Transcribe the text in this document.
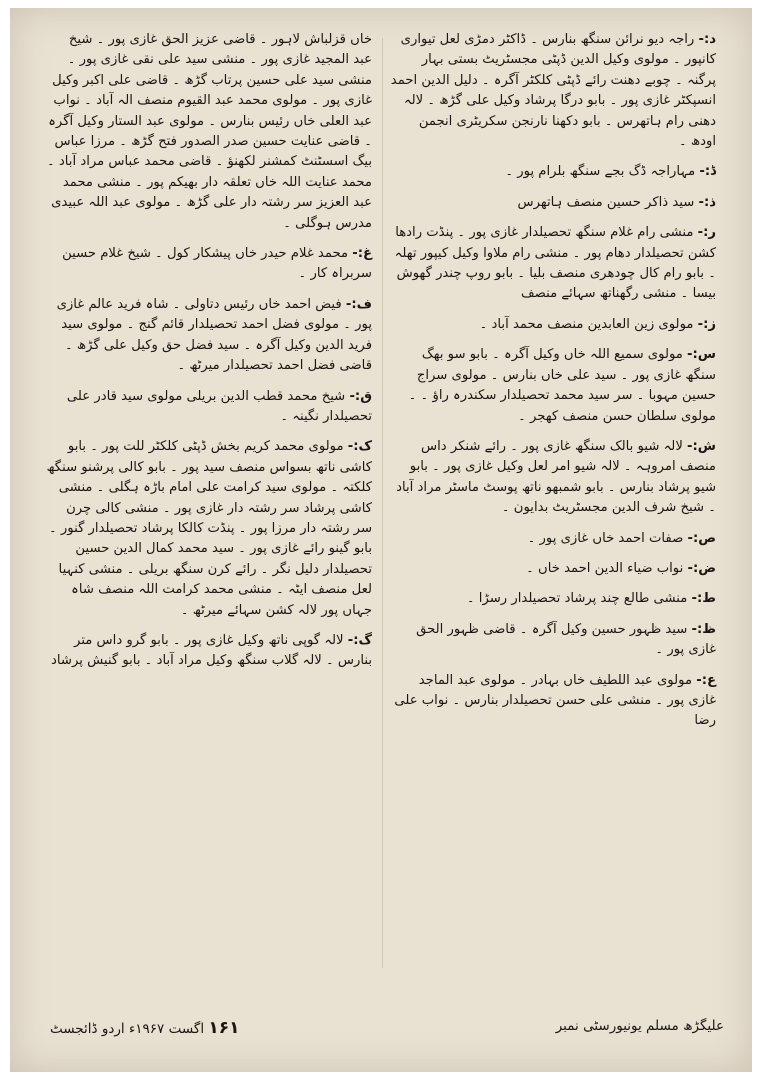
د:- راجہ دیو نرائن سنگھ بنارس ۔ ڈاکٹر دمڑی لعل تیواری کانپور ۔ مولوی وکیل الدین ڈپٹی مجسٹریٹ بستی بہار پرگنہ ۔ چوبے دھنت رائے ڈپٹی کلکٹر آگرہ ۔ دلیل الدین احمد انسپکٹر غازی پور ۔ بابو درگا پرشاد وکیل علی گڑھ ۔ لالہ دھنی رام ہاتھرس ۔ بابو دکھنا نارنجن سکریٹری انجمن اودھ ۔

ڈ:- مہاراجہ ڈگ بجے سنگھ بلرام پور ۔

ذ:- سید ذاکر حسین منصف ہاتھرس

ر:- منشی رام غلام سنگھ تحصیلدار غازی پور ۔ پنڈت رادھا کشن تحصیلدار دھام پور ۔ منشی رام ملاوا وکیل کیپور تھلہ ۔ بابو رام کال چودھری منصف بلیا ۔ بابو روپ چندر گھوش بیسا ۔ منشی رگھناتھ سہائے منصف

ز:- مولوی زین العابدین منصف محمد آباد ۔

س:- مولوی سمیع اللہ خاں وکیل آگرہ ۔ بابو سو بھگ سنگھ غازی پور ۔ سید علی خاں بنارس ۔ مولوی سراج حسین مہوبا ۔ سر سید محمد تحصیلدار سکندرہ راؤ ۔ ۔ مولوی سلطان حسن منصف کھجر ۔

ش:- لالہ شیو بالک سنگھ غازی پور ۔ رائے شنکر داس منصف امروہہ ۔ لالہ شیو امر لعل وکیل غازی پور ۔ بابو شیو پرشاد بنارس ۔ بابو شمبھو ناتھ پوسٹ ماسٹر مراد آباد ۔ شیخ شرف الدین مجسٹریٹ بدایون ۔

ص:- صفات احمد خاں غازی پور ۔

ض:- نواب ضیاء الدین احمد خاں ۔

ط:- منشی طالع چند پرشاد تحصیلدار رسڑا ۔

ظ:- سید ظہور حسین وکیل آگرہ ۔ قاضی ظہور الحق غازی پور ۔

ع:- مولوی عبد اللطیف خاں بہادر ۔ مولوی عبد الماجد غازی پور ۔ منشی علی حسن تحصیلدار بنارس ۔ نواب علی رضا

خاں قزلباش لاہور ۔ قاضی عزیز الحق غازی پور ۔ شیخ عبد المجید غازی پور ۔ منشی سید علی نقی غازی پور ۔ منشی سید علی حسین پرتاب گڑھ ۔ قاضی علی اکبر وکیل غازی پور ۔ مولوی محمد عبد القیوم منصف الہ آباد ۔ نواب عبد العلی خاں رئیس بنارس ۔ مولوی عبد الستار وکیل آگرہ ۔ قاضی عنایت حسین صدر الصدور فتح گڑھ ۔ مرزا عباس بیگ اسسٹنٹ کمشنر لکھنؤ ۔ قاضی محمد عباس مراد آباد ۔ محمد عنایت اللہ خاں تعلقہ دار بھیکم پور ۔ منشی محمد عبد العزیز سر رشتہ دار علی گڑھ ۔ مولوی عبد اللہ عبیدی مدرس ہوگلی ۔

غ:- محمد غلام حیدر خاں پیشکار کول ۔ شیخ غلام حسین سربراہ کار ۔

ف:- فیض احمد خاں رئیس دتاولی ۔ شاہ فرید عالم غازی پور ۔ مولوی فضل احمد تحصیلدار قائم گنج ۔ مولوی سید فرید الدین وکیل آگرہ ۔ سید فضل حق وکیل علی گڑھ ۔ قاضی فضل احمد تحصیلدار میرٹھ ۔

ق:- شیخ محمد قطب الدین بریلی مولوی سید قادر علی تحصیلدار نگینہ ۔

ک:- مولوی محمد کریم بخش ڈپٹی کلکٹر للت پور ۔ بابو کاشی ناتھ بسواس منصف سید پور ۔ بابو کالی پرشنو سنگھ کلکتہ ۔ مولوی سید کرامت علی امام باڑہ ہگلی ۔ منشی کاشی پرشاد سر رشتہ دار غازی پور ۔ منشی کالی چرن سر رشتہ دار مرزا پور ۔ پنڈت کالکا پرشاد تحصیلدار گنور ۔ بابو گینو رائے غازی پور ۔ سید محمد کمال الدین حسین تحصیلدار دلیل نگر ۔ رائے کرن سنگھ بریلی ۔ منشی کنہیا لعل منصف ایٹہ ۔ منشی محمد کرامت اللہ منصف شاہ جہاں پور لالہ کشن سہائے میرٹھ ۔

گ:- لالہ گوپی ناتھ وکیل غازی پور ۔ بابو گرو داس متر بنارس ۔ لالہ گلاب سنگھ وکیل مراد آباد ۔ بابو گنیش پرشاد

علیگڑھ مسلم یونیورسٹی نمبر
۱۶۱ اگست ۱۹۶۷ء اردو ڈائجسٹ
